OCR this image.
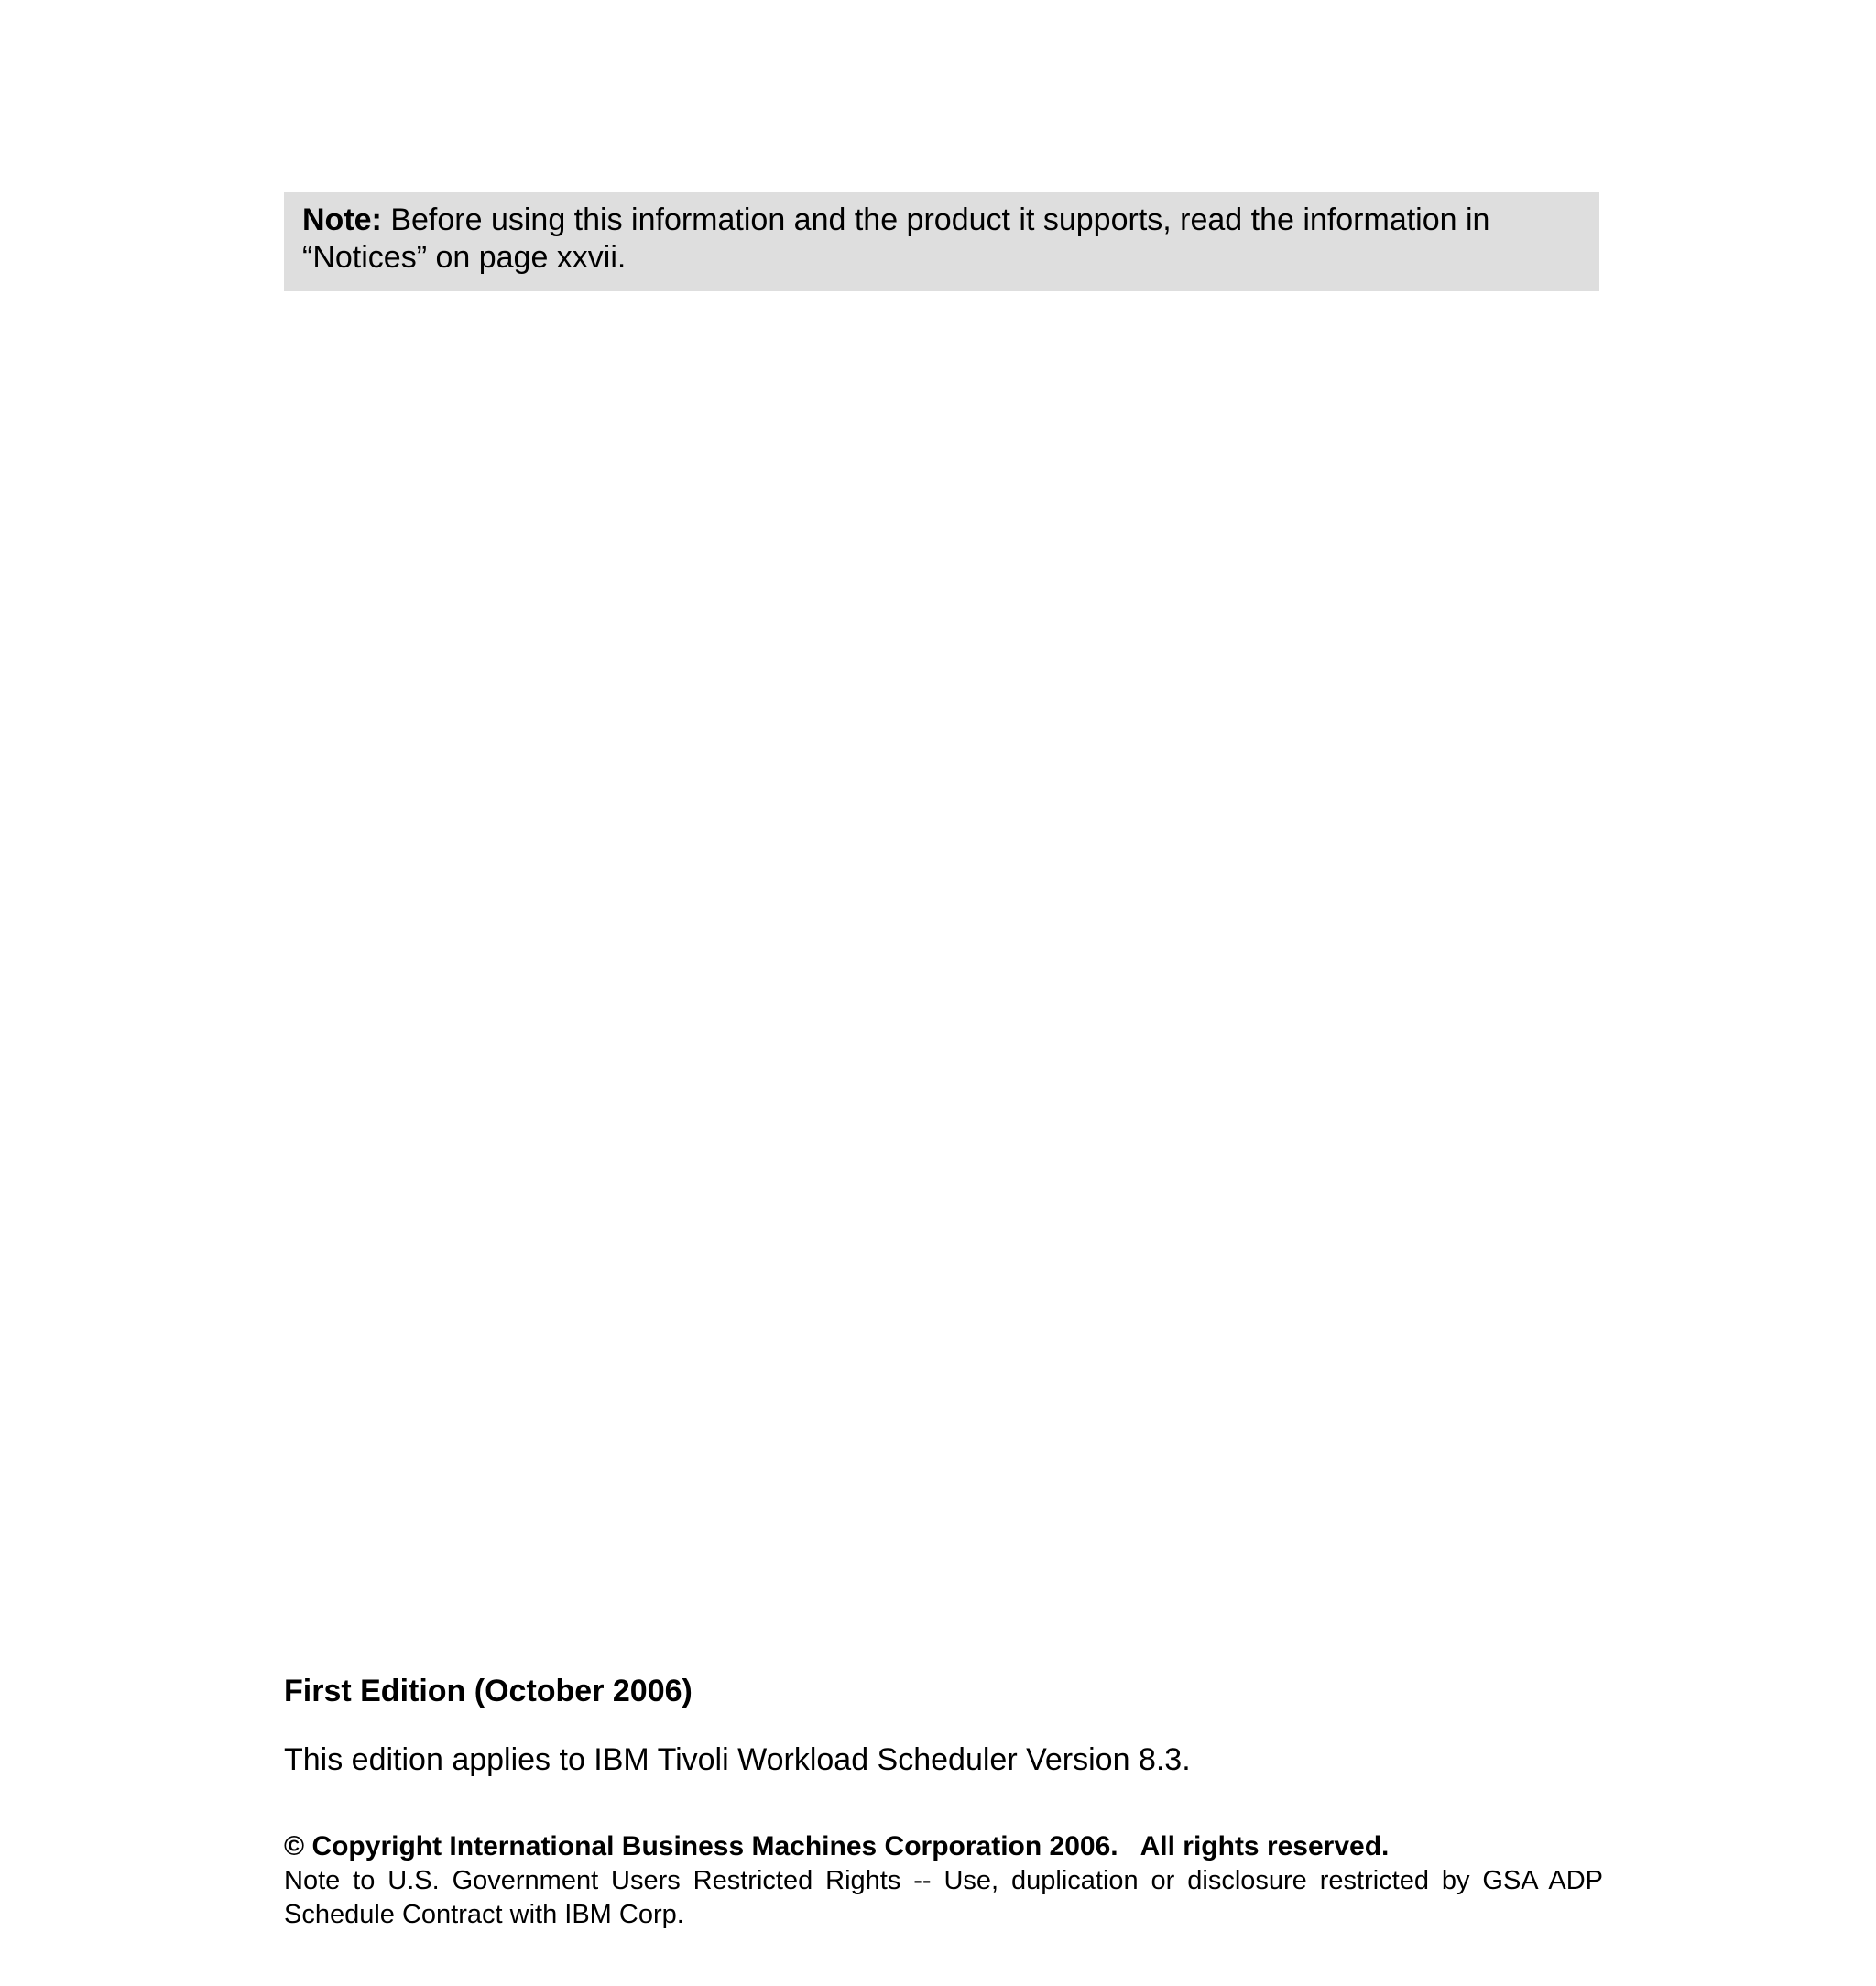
Note: Before using this information and the product it supports, read the information in “Notices” on page xxvii.
First Edition (October 2006)
This edition applies to IBM Tivoli Workload Scheduler Version 8.3.
© Copyright International Business Machines Corporation 2006. All rights reserved.
Note to U.S. Government Users Restricted Rights -- Use, duplication or disclosure restricted by GSA ADP Schedule Contract with IBM Corp.
